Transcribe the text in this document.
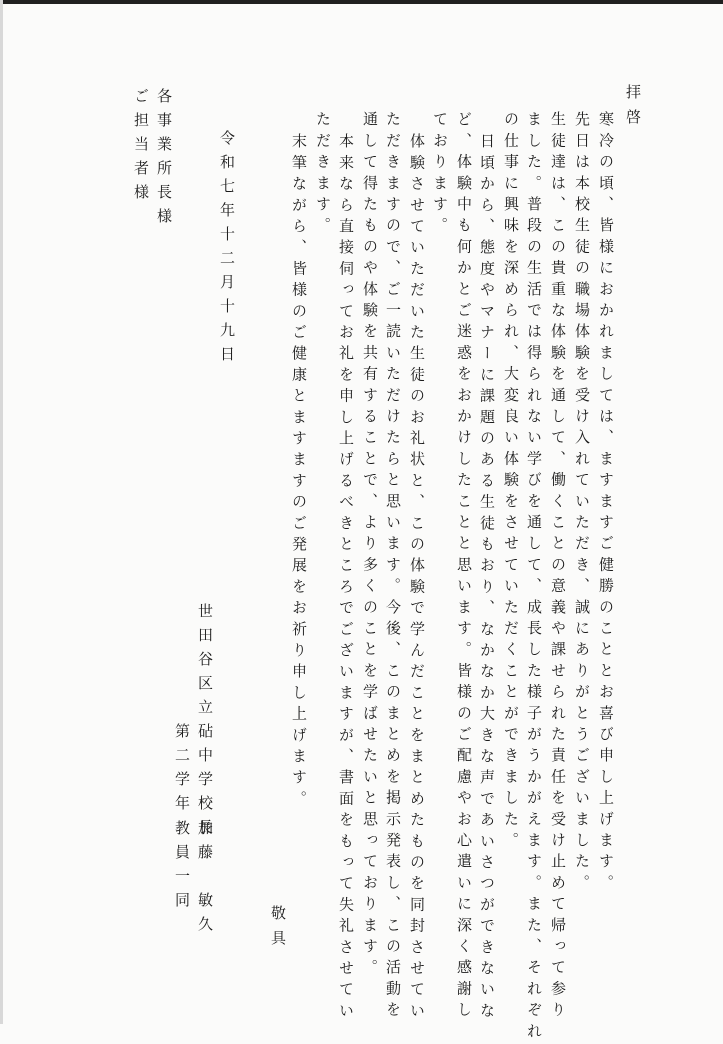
拝啓

寒冷の頃、皆様におかれましては、ますますご健勝のこととお喜び申し上げます。

先日は本校生徒の職場体験を受け入れていただき、誠にありがとうございました。

生徒達は、この貴重な体験を通して、働くことの意義や課せられた責任を受け止めて帰って参り

ました。普段の生活では得られない学びを通して、成長した様子がうかがえます。また、それぞれ

の仕事に興味を深められ、大変良い体験をさせていただくことができました。

日頃から、態度やマナーに課題のある生徒もおり、なかなか大きな声であいさつができないな

ど、体験中も何かとご迷惑をおかけしたことと思います。皆様のご配慮やお心遣いに深く感謝し

ております。

体験させていただいた生徒のお礼状と、この体験で学んだことをまとめたものを同封させてい

ただきますので、ご一読いただけたらと思います。今後、このまとめを掲示発表し、この活動を

通して得たものや体験を共有することで、より多くのことを学ばせたいと思っております。

本来なら直接伺ってお礼を申し上げるべきところでございますが、書面をもって失礼させてい

ただきます。

末筆ながら、皆様のご健康とますますのご発展をお祈り申し上げます。

敬具

令和七年十二月十九日

世田谷区立砧中学校長

加藤　敏久

第二学年

教員一同

各事業所長様

ご担当者様
